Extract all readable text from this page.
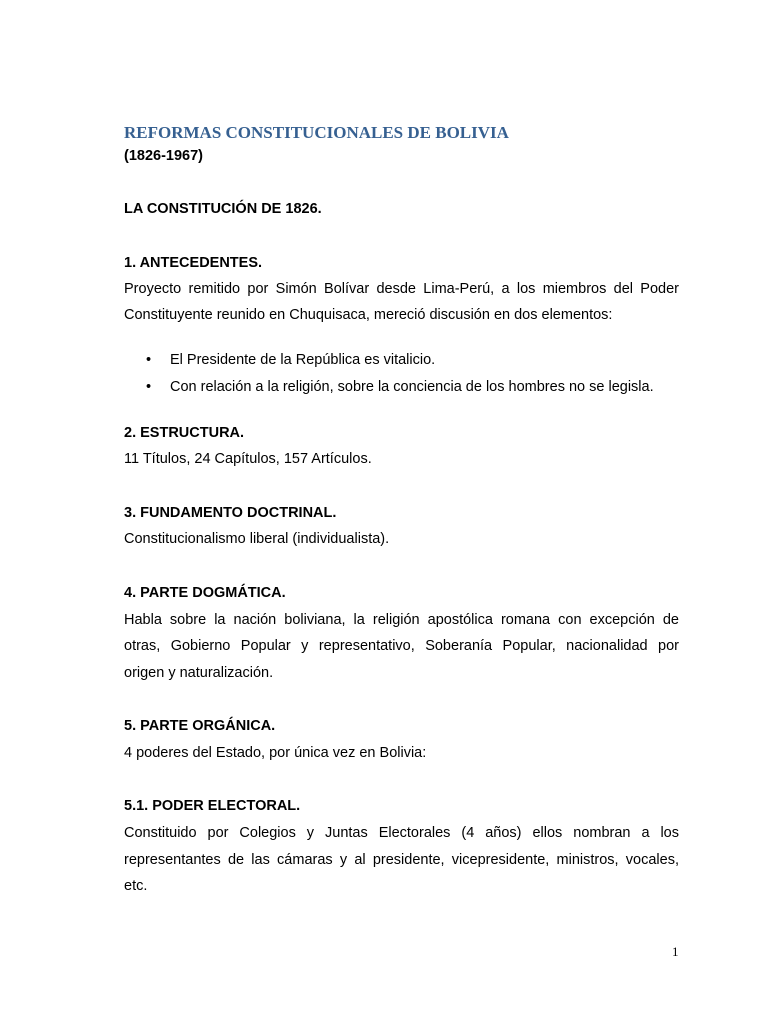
REFORMAS CONSTITUCIONALES DE BOLIVIA
(1826-1967)
LA CONSTITUCIÓN DE 1826.
1. ANTECEDENTES.
Proyecto remitido por Simón Bolívar desde Lima-Perú, a los miembros del Poder
Constituyente reunido en Chuquisaca, mereció discusión en dos elementos:
• El Presidente de la República es vitalicio.
• Con relación a la religión, sobre la conciencia de los hombres no se legisla.
2. ESTRUCTURA.
11 Títulos, 24 Capítulos, 157 Artículos.
3. FUNDAMENTO DOCTRINAL.
Constitucionalismo liberal (individualista).
4. PARTE DOGMÁTICA.
Habla sobre la nación boliviana, la religión apostólica romana con excepción de
otras, Gobierno Popular y representativo, Soberanía Popular, nacionalidad por
origen y naturalización.
5. PARTE ORGÁNICA.
4 poderes del Estado, por única vez en Bolivia:
5.1. PODER ELECTORAL.
Constituido por Colegios y Juntas Electorales (4 años) ellos nombran a los
representantes de las cámaras y al presidente, vicepresidente, ministros, vocales,
etc.
1
